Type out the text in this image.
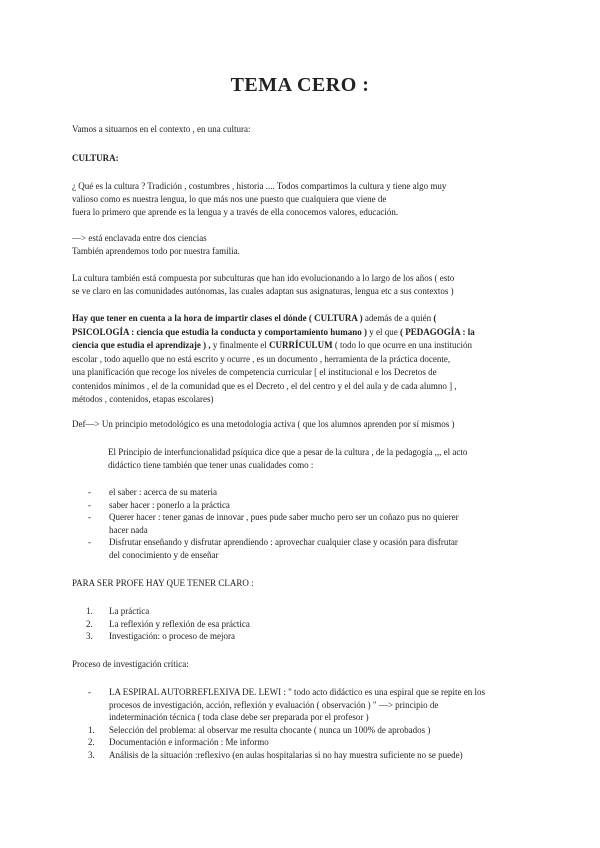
TEMA CERO :
Vamos a situarnos en el contexto , en una cultura:
CULTURA:
¿ Qué es la cultura ? Tradición , costumbres , historia .... Todos compartimos la cultura y tiene algo muy
valioso como es nuestra lengua, lo que más nos une puesto que cualquiera que viene de
fuera lo primero que aprende es la lengua y a través de ella conocemos valores, educación.
—> está enclavada entre dos ciencias
También aprendemos todo por nuestra familia.
La cultura también está compuesta por subculturas que han ido evolucionando a lo largo de los años ( esto
se ve claro en las comunidades autónomas, las cuales adaptan sus asignaturas, lengua etc a sus contextos )
Hay que tener en cuenta a la hora de impartir clases el dónde ( CULTURA ) además de a quién (
PSICOLOGÍA : ciencia que estudia la conducta y comportamiento humano ) y el que ( PEDAGOGÍA : la
ciencia que estudia el aprendizaje ) , y finalmente el CURRÍCULUM ( todo lo que ocurre en una institución
escolar , todo aquello que no está escrito y ocurre , es un documento , herramienta de la práctica docente,
una planificación que recoge los niveles de competencia curricular [ el institucional e los Decretos de
contenidos mínimos , el de la comunidad que es el Decreto , el del centro y el del aula y de cada alumno ] ,
métodos , contenidos, etapas escolares)
Def—> Un principio metodológico es una metodología activa ( que los alumnos aprenden por sí mismos )
El Principio de interfuncionalidad psíquica dice que a pesar de la cultura , de la pedagogía ,,, el acto
didáctico tiene también que tener unas cualidades como :
- el saber : acerca de su materia
- saber hacer : ponerlo a la práctica
- Querer hacer : tener ganas de innovar , pues pude saber mucho pero ser un coñazo pus no quierer
hacer nada
- Disfrutar enseñando y disfrutar aprendiendo : aprovechar cualquier clase y ocasión para disfrutar
del conocimiento y de enseñar
PARA SER PROFE HAY QUE TENER CLARO :
1. La práctica
2. La reflexión y reflexión de esa práctica
3. Investigación: o proceso de mejora
Proceso de investigación crítica:
- LA ESPIRAL AUTORREFLEXIVA DE. LEWI : " todo acto didáctico es una espiral que se repite en los
procesos de investigación, acción, reflexión y evaluación ( observación ) " —> principio de
indeterminación técnica ( toda clase debe ser preparada por el profesor )
1. Selección del problema: al observar me resulta chocante ( nunca un 100% de aprobados )
2. Documentación e información : Me informo
3. Análisis de la situación :reflexivo (en aulas hospitalarias si no hay muestra suficiente no se puede)
